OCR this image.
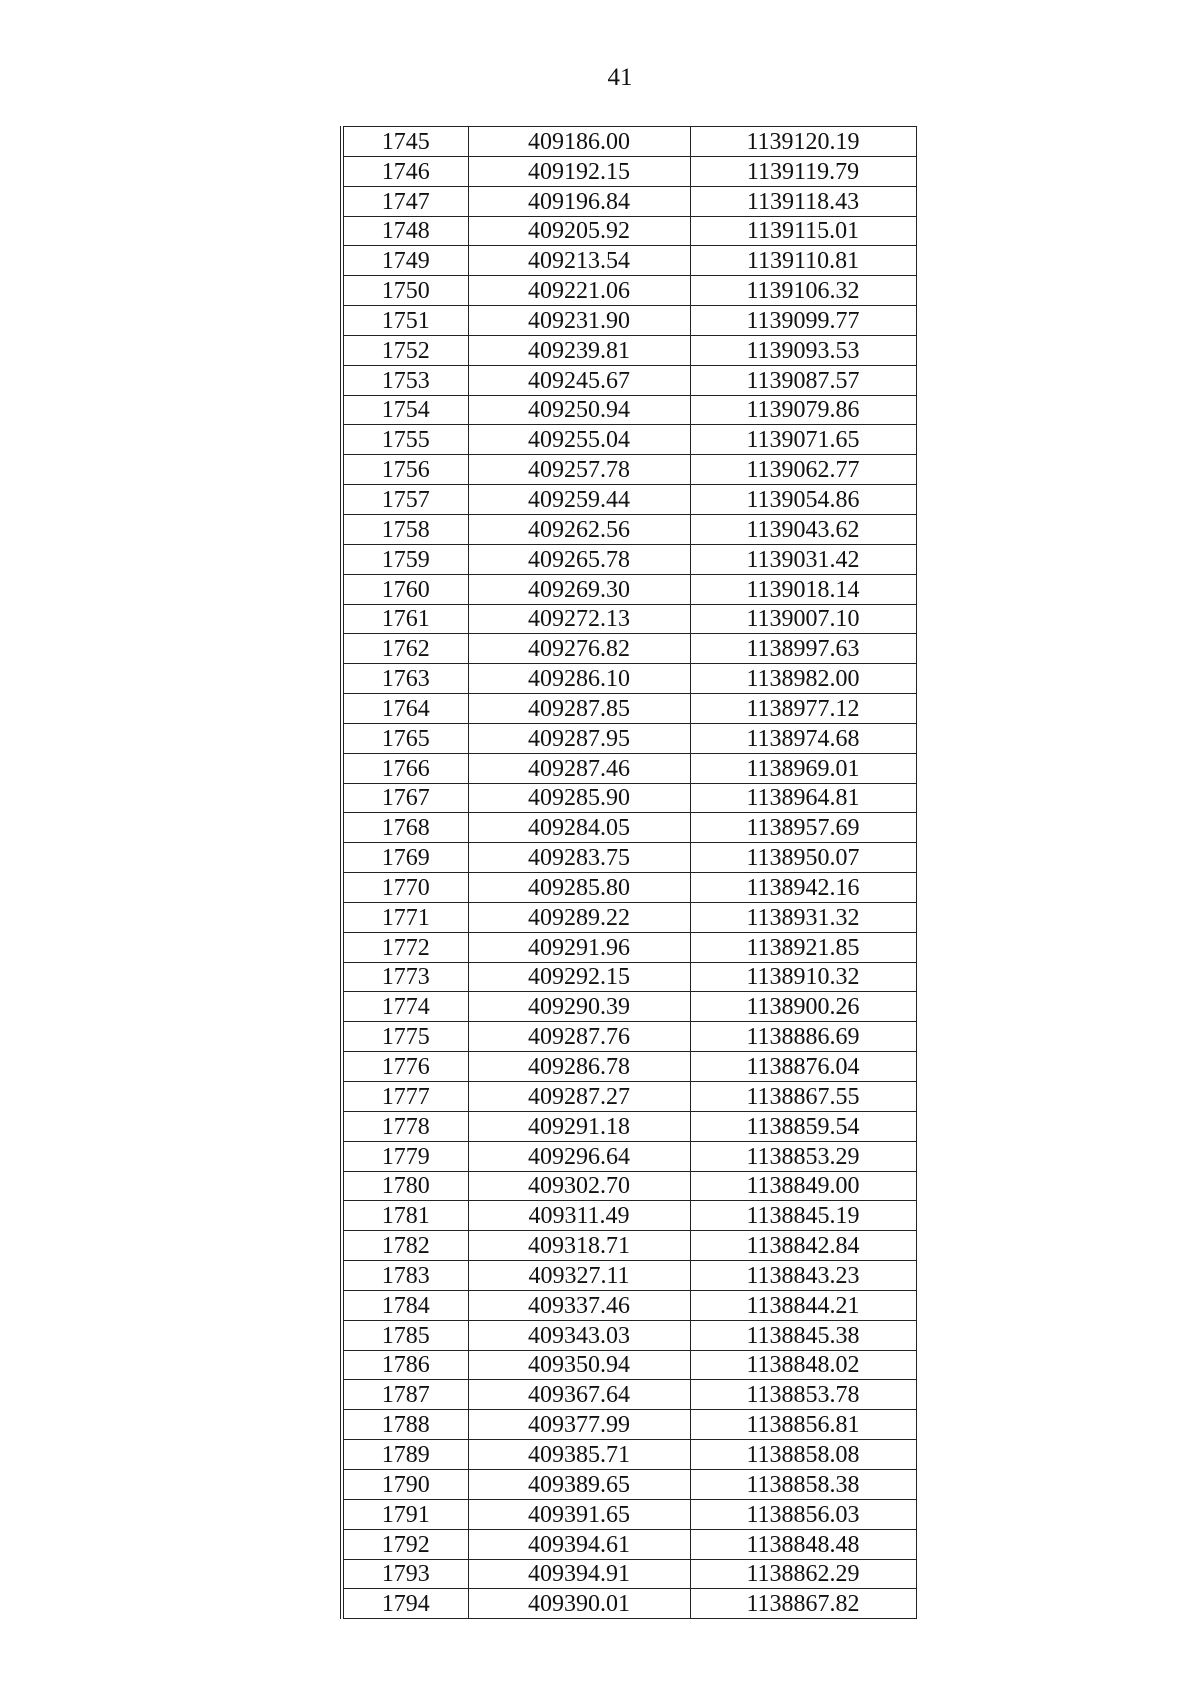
41
1745	409186.00	1139120.19
1746	409192.15	1139119.79
1747	409196.84	1139118.43
1748	409205.92	1139115.01
1749	409213.54	1139110.81
1750	409221.06	1139106.32
1751	409231.90	1139099.77
1752	409239.81	1139093.53
1753	409245.67	1139087.57
1754	409250.94	1139079.86
1755	409255.04	1139071.65
1756	409257.78	1139062.77
1757	409259.44	1139054.86
1758	409262.56	1139043.62
1759	409265.78	1139031.42
1760	409269.30	1139018.14
1761	409272.13	1139007.10
1762	409276.82	1138997.63
1763	409286.10	1138982.00
1764	409287.85	1138977.12
1765	409287.95	1138974.68
1766	409287.46	1138969.01
1767	409285.90	1138964.81
1768	409284.05	1138957.69
1769	409283.75	1138950.07
1770	409285.80	1138942.16
1771	409289.22	1138931.32
1772	409291.96	1138921.85
1773	409292.15	1138910.32
1774	409290.39	1138900.26
1775	409287.76	1138886.69
1776	409286.78	1138876.04
1777	409287.27	1138867.55
1778	409291.18	1138859.54
1779	409296.64	1138853.29
1780	409302.70	1138849.00
1781	409311.49	1138845.19
1782	409318.71	1138842.84
1783	409327.11	1138843.23
1784	409337.46	1138844.21
1785	409343.03	1138845.38
1786	409350.94	1138848.02
1787	409367.64	1138853.78
1788	409377.99	1138856.81
1789	409385.71	1138858.08
1790	409389.65	1138858.38
1791	409391.65	1138856.03
1792	409394.61	1138848.48
1793	409394.91	1138862.29
1794	409390.01	1138867.82
